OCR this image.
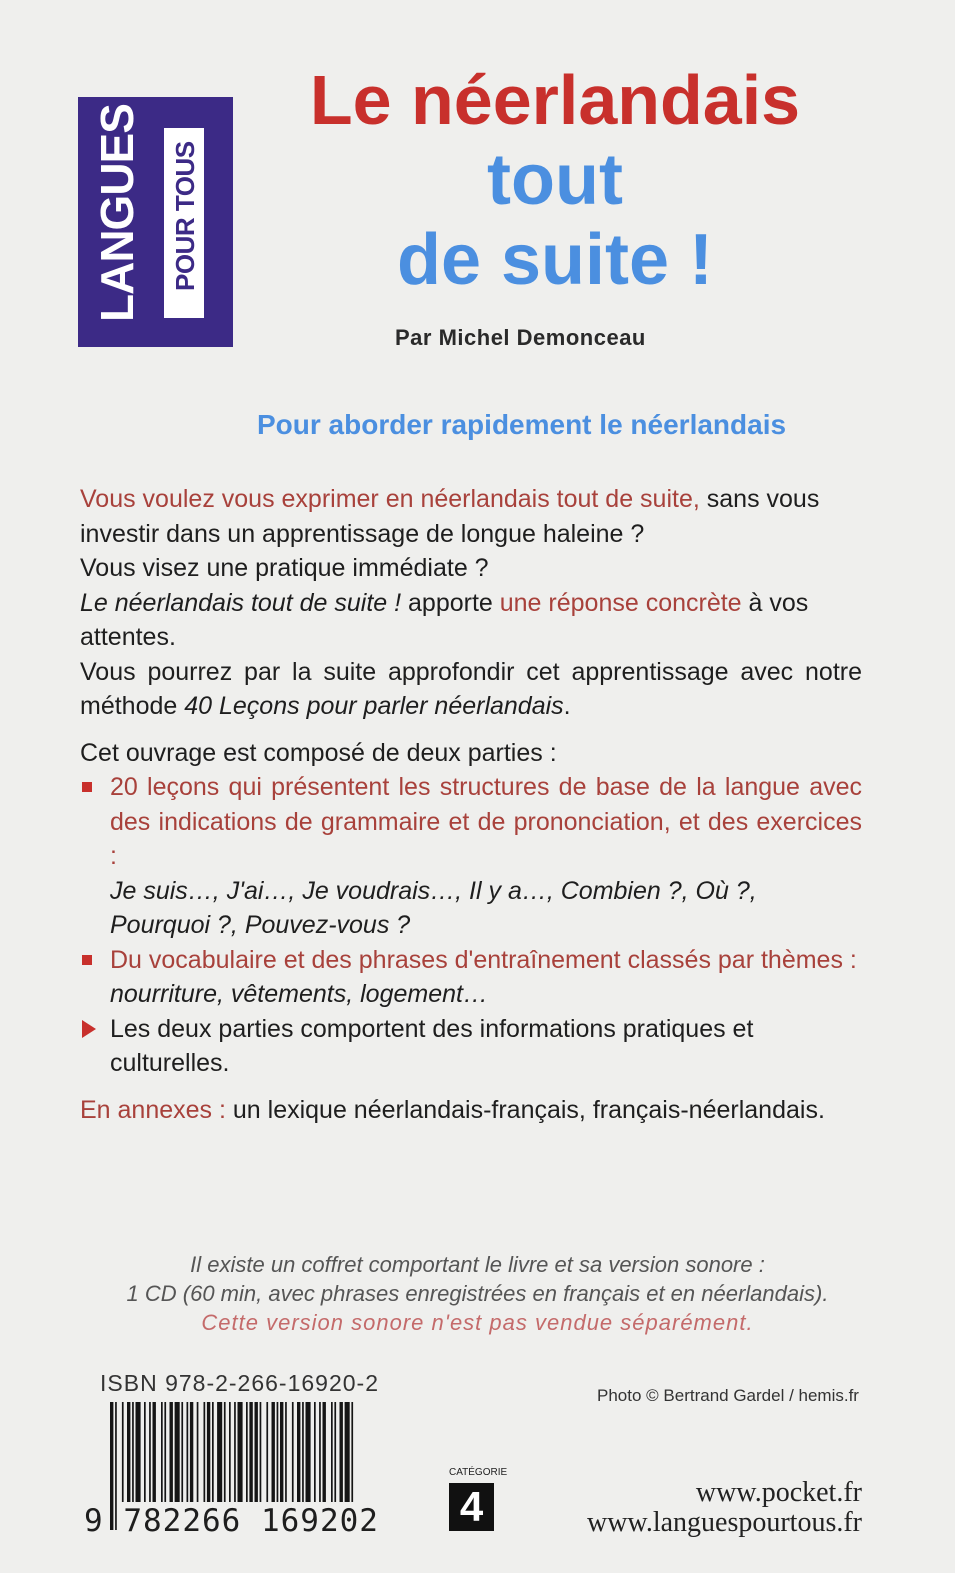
LANGUES POUR TOUS
Le néerlandais
tout
de suite !
Par Michel Demonceau
Pour aborder rapidement le néerlandais
Vous voulez vous exprimer en néerlandais tout de suite, sans vous investir dans un apprentissage de longue haleine ?
Vous visez une pratique immédiate ?
Le néerlandais tout de suite ! apporte une réponse concrète à vos attentes.
Vous pourrez par la suite approfondir cet apprentissage avec notre méthode 40 Leçons pour parler néerlandais.
Cet ouvrage est composé de deux parties :
20 leçons qui présentent les structures de base de la langue avec des indications de grammaire et de prononciation, et des exercices :
Je suis…, J'ai…, Je voudrais…, Il y a…, Combien ?, Où ?, Pourquoi ?, Pouvez-vous ?
Du vocabulaire et des phrases d'entraînement classés par thèmes :
nourriture, vêtements, logement…
Les deux parties comportent des informations pratiques et culturelles.
En annexes : un lexique néerlandais-français, français-néerlandais.
Il existe un coffret comportant le livre et sa version sonore :
1 CD (60 min, avec phrases enregistrées en français et en néerlandais).
Cette version sonore n'est pas vendue séparément.
ISBN 978-2-266-16920-2	Photo © Bertrand Gardel / hemis.fr
9 782266 169202
CATÉGORIE
4	www.pocket.fr
www.languespourtous.fr
